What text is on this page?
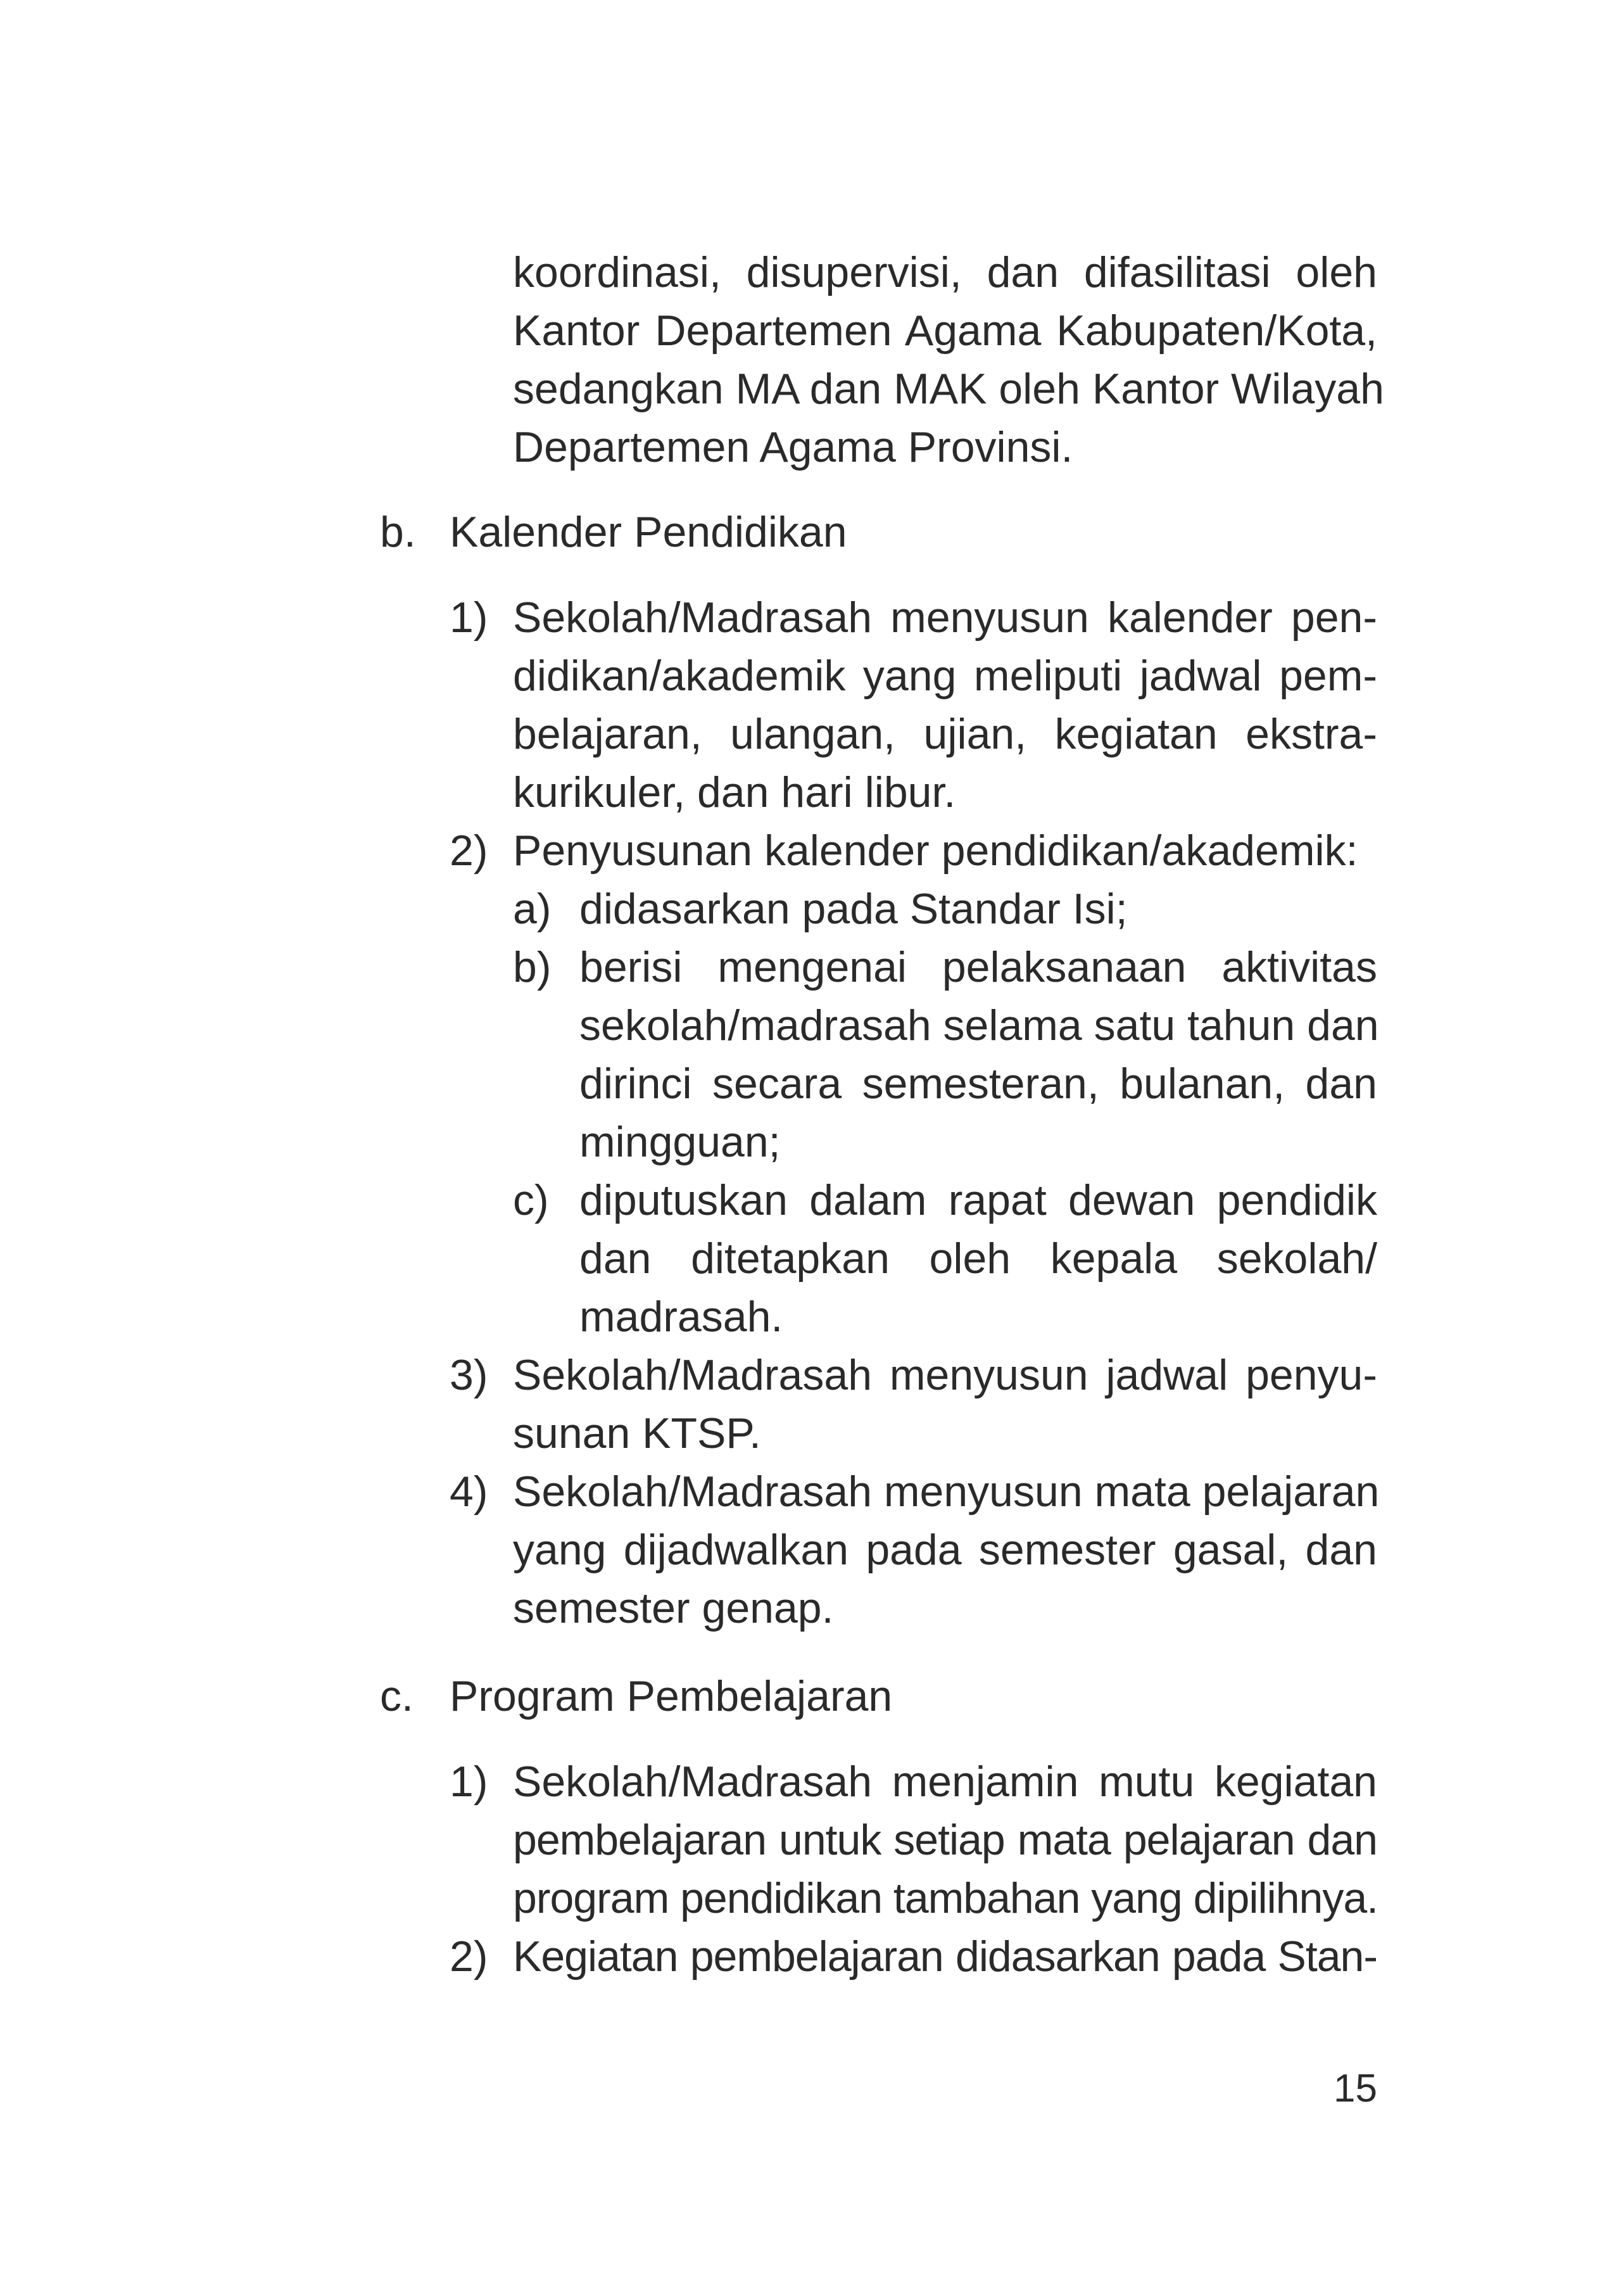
koordinasi, disupervisi, dan difasilitasi oleh
Kantor Departemen Agama Kabupaten/Kota,
sedangkan MA dan MAK oleh Kantor Wilayah
Departemen Agama Provinsi.
b. Kalender Pendidikan
1) Sekolah/Madrasah menyusun kalender pen-
didikan/akademik yang meliputi jadwal pem-
belajaran, ulangan, ujian, kegiatan ekstra-
kurikuler, dan hari libur.
2) Penyusunan kalender pendidikan/akademik:
a) didasarkan pada Standar Isi;
b) berisi mengenai pelaksanaan aktivitas
sekolah/madrasah selama satu tahun dan
dirinci secara semesteran, bulanan, dan
mingguan;
c) diputuskan dalam rapat dewan pendidik
dan ditetapkan oleh kepala sekolah/
madrasah.
3) Sekolah/Madrasah menyusun jadwal penyu-
sunan KTSP.
4) Sekolah/Madrasah menyusun mata pelajaran
yang dijadwalkan pada semester gasal, dan
semester genap.
c. Program Pembelajaran
1) Sekolah/Madrasah menjamin mutu kegiatan
pembelajaran untuk setiap mata pelajaran dan
program pendidikan tambahan yang dipilihnya.
2) Kegiatan pembelajaran didasarkan pada Stan-
15
